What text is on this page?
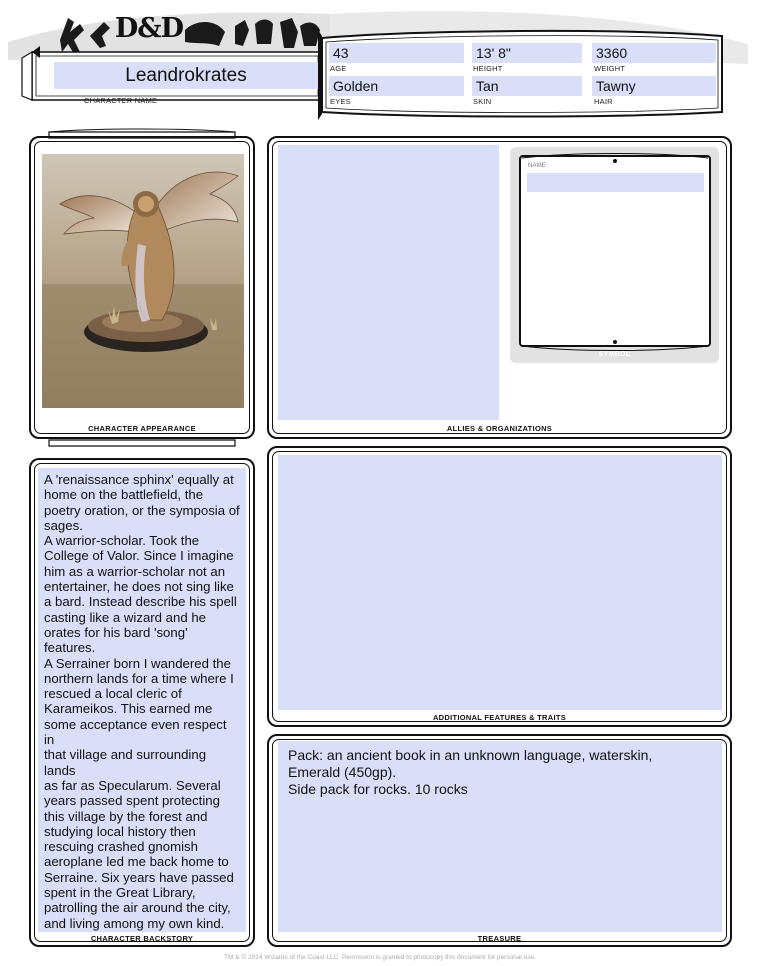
D&D
Leandrokrates
CHARACTER NAME
43
AGE
13' 8"
HEIGHT
3360
WEIGHT
Golden
EYES
Tan
SKIN
Tawny
HAIR
CHARACTER APPEARANCE
NAME
SYMBOL
ALLIES & ORGANIZATIONS
A 'renaissance sphinx' equally at
home on the battlefield, the
poetry oration, or the symposia of
sages.
A warrior-scholar. Took the
College of Valor. Since I imagine
him as a warrior-scholar not an
entertainer, he does not sing like
a bard. Instead describe his spell
casting like a wizard and he
orates for his bard 'song' features.
A Serrainer born I wandered the
northern lands for a time where I
rescued a local cleric of
Karameikos. This earned me
some acceptance even respect in
that village and surrounding lands
as far as Specularum. Several
years passed spent protecting
this village by the forest and
studying local history then
rescuing crashed gnomish
aeroplane led me back home to
Serraine. Six years have passed
spent in the Great Library,
patrolling the air around the city,
and living among my own kind.
CHARACTER BACKSTORY
ADDITIONAL FEATURES & TRAITS
Pack: an ancient book in an unknown language, waterskin,
Emerald (450gp).
Side pack for rocks. 10 rocks
TREASURE
TM & © 2014 Wizards of the Coast LLC. Permission is granted to photocopy this document for personal use.
